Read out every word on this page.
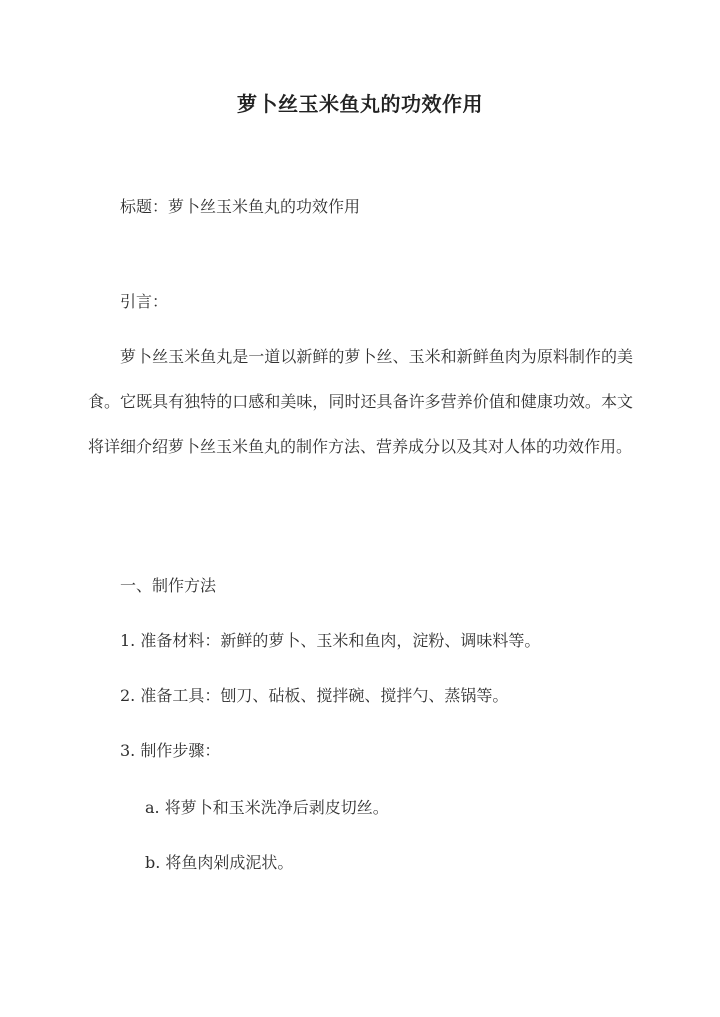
萝卜丝玉米鱼丸的功效作用
标题：萝卜丝玉米鱼丸的功效作用
引言：
萝卜丝玉米鱼丸是一道以新鲜的萝卜丝、玉米和新鲜鱼肉为原料制作的美食。它既具有独特的口感和美味，同时还具备许多营养价值和健康功效。本文将详细介绍萝卜丝玉米鱼丸的制作方法、营养成分以及其对人体的功效作用。
一、制作方法
1. 准备材料：新鲜的萝卜、玉米和鱼肉，淀粉、调味料等。
2. 准备工具：刨刀、砧板、搅拌碗、搅拌勺、蒸锅等。
3. 制作步骤：
a. 将萝卜和玉米洗净后剥皮切丝。
b. 将鱼肉剁成泥状。
